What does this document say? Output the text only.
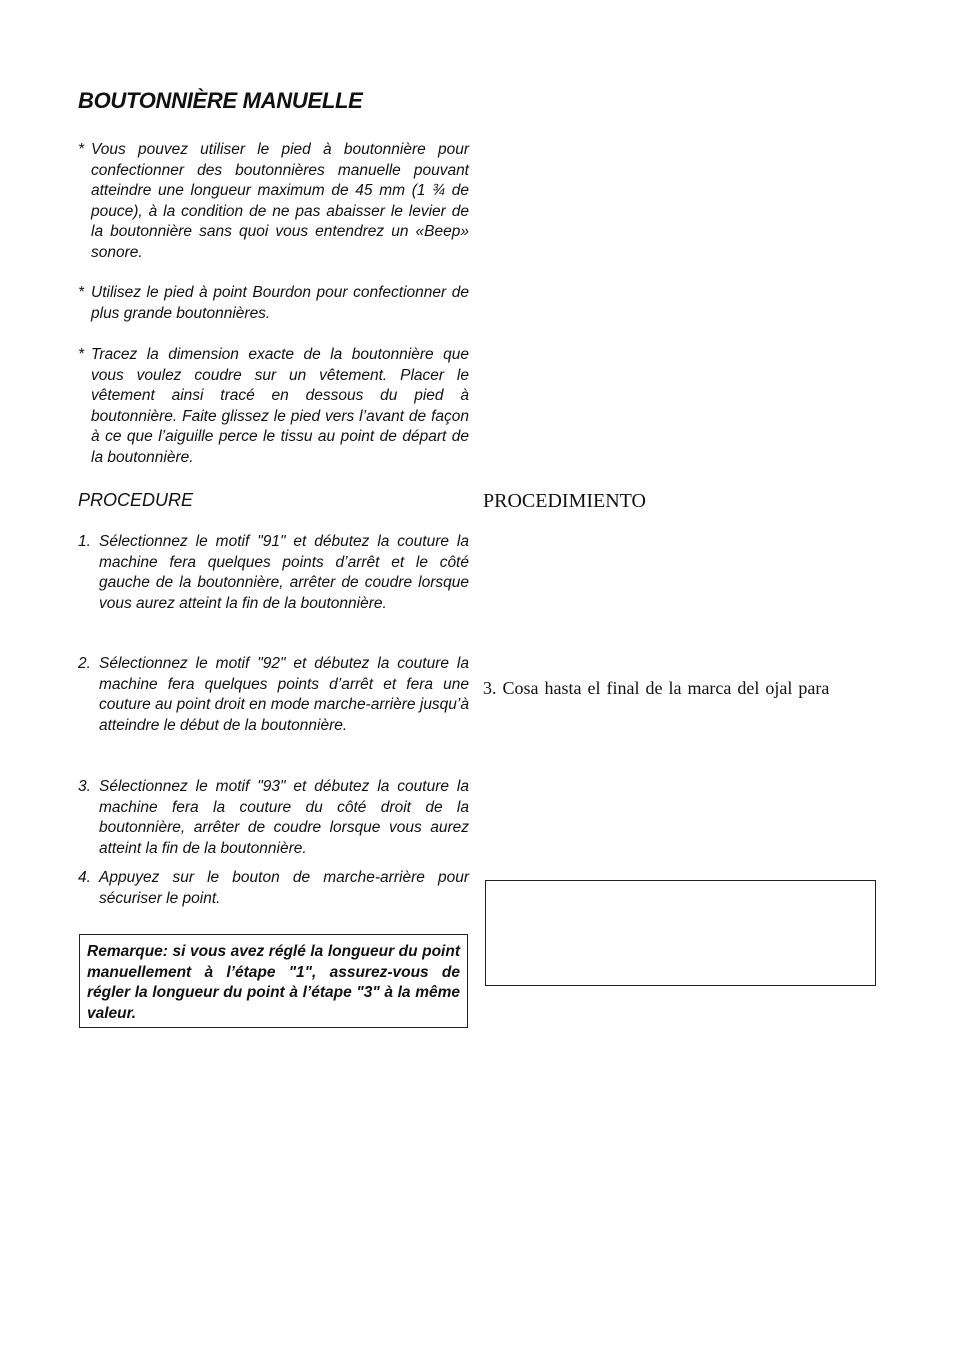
BOUTONNIÈRE MANUELLE
* Vous pouvez utiliser le pied à boutonnière pour confectionner des boutonnières manuelle pouvant atteindre une longueur maximum de 45 mm (1 ¾ de pouce), à la condition de ne pas abaisser le levier de la boutonnière sans quoi vous entendrez un «Beep» sonore.
* Utilisez le pied à point Bourdon pour confectionner de plus grande boutonnières.
* Tracez la dimension exacte de la boutonnière que vous voulez coudre sur un vêtement. Placer le vêtement ainsi tracé en dessous du pied à boutonnière. Faite glissez le pied vers l’avant de façon à ce que l’aiguille perce le tissu au point de départ de la boutonnière.
PROCEDURE
1. Sélectionnez le motif "91" et débutez la couture la machine fera quelques points d’arrêt et le côté gauche de la boutonnière, arrêter de coudre lorsque vous aurez atteint la fin de la boutonnière.
2. Sélectionnez le motif "92" et débutez la couture la machine fera quelques points d’arrêt et fera une couture au point droit en mode marche-arrière jusqu’à atteindre le début de la boutonnière.
3. Sélectionnez le motif "93" et débutez la couture la machine fera la couture du côté droit de la boutonnière, arrêter de coudre lorsque vous aurez atteint la fin de la boutonnière.
4. Appuyez sur le bouton de marche-arrière pour sécuriser le point.
Remarque: si vous avez réglé la longueur du point manuellement à l’étape "1", assurez-vous de régler la longueur du point à l’étape "3" à la même valeur.
PROCEDIMIENTO
3. Cosa hasta el final de la marca del ojal para
